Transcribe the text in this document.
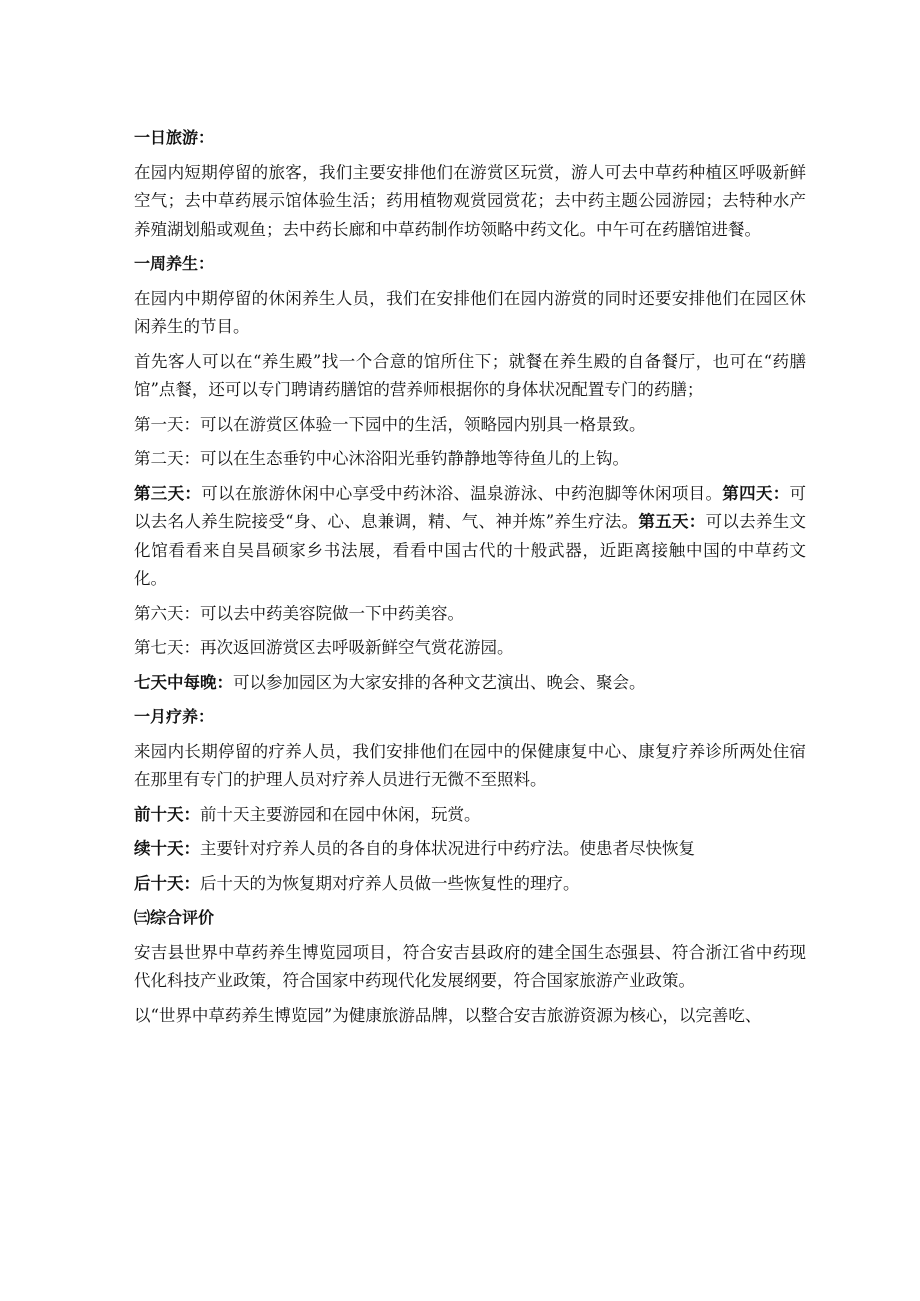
一日旅游：
在园内短期停留的旅客，我们主要安排他们在游赏区玩赏，游人可去中草药种植区呼吸新鲜空气；去中草药展示馆体验生活；药用植物观赏园赏花；去中药主题公园游园；去特种水产养殖湖划船或观鱼；去中药长廊和中草药制作坊领略中药文化。中午可在药膳馆进餐。
一周养生：
在园内中期停留的休闲养生人员，我们在安排他们在园内游赏的同时还要安排他们在园区休闲养生的节目。
首先客人可以在“养生殿”找一个合意的馆所住下；就餐在养生殿的自备餐厅，也可在“药膳馆”点餐，还可以专门聘请药膳馆的营养师根据你的身体状况配置专门的药膳；
第一天：可以在游赏区体验一下园中的生活，领略园内别具一格景致。
第二天：可以在生态垂钓中心沐浴阳光垂钓静静地等待鱼儿的上钩。
第三天：可以在旅游休闲中心享受中药沐浴、温泉游泳、中药泡脚等休闲项目。第四天：可以去名人养生院接受“身、心、息兼调，精、气、神并炼”养生疗法。第五天：可以去养生文化馆看看来自吴昌硕家乡书法展，看看中国古代的十般武器，近距离接触中国的中草药文化。
第六天：可以去中药美容院做一下中药美容。
第七天：再次返回游赏区去呼吸新鲜空气赏花游园。
七天中每晚：可以参加园区为大家安排的各种文艺演出、晚会、聚会。
一月疗养：
来园内长期停留的疗养人员，我们安排他们在园中的保健康复中心、康复疗养诊所两处住宿在那里有专门的护理人员对疗养人员进行无微不至照料。
前十天：前十天主要游园和在园中休闲，玩赏。
续十天：主要针对疗养人员的各自的身体状况进行中药疗法。使患者尽快恢复
后十天：后十天的为恢复期对疗养人员做一些恢复性的理疗。
㈢综合评价
安吉县世界中草药养生博览园项目，符合安吉县政府的建全国生态强县、符合浙江省中药现代化科技产业政策，符合国家中药现代化发展纲要，符合国家旅游产业政策。
以“世界中草药养生博览园”为健康旅游品牌，以整合安吉旅游资源为核心，以完善吃、
